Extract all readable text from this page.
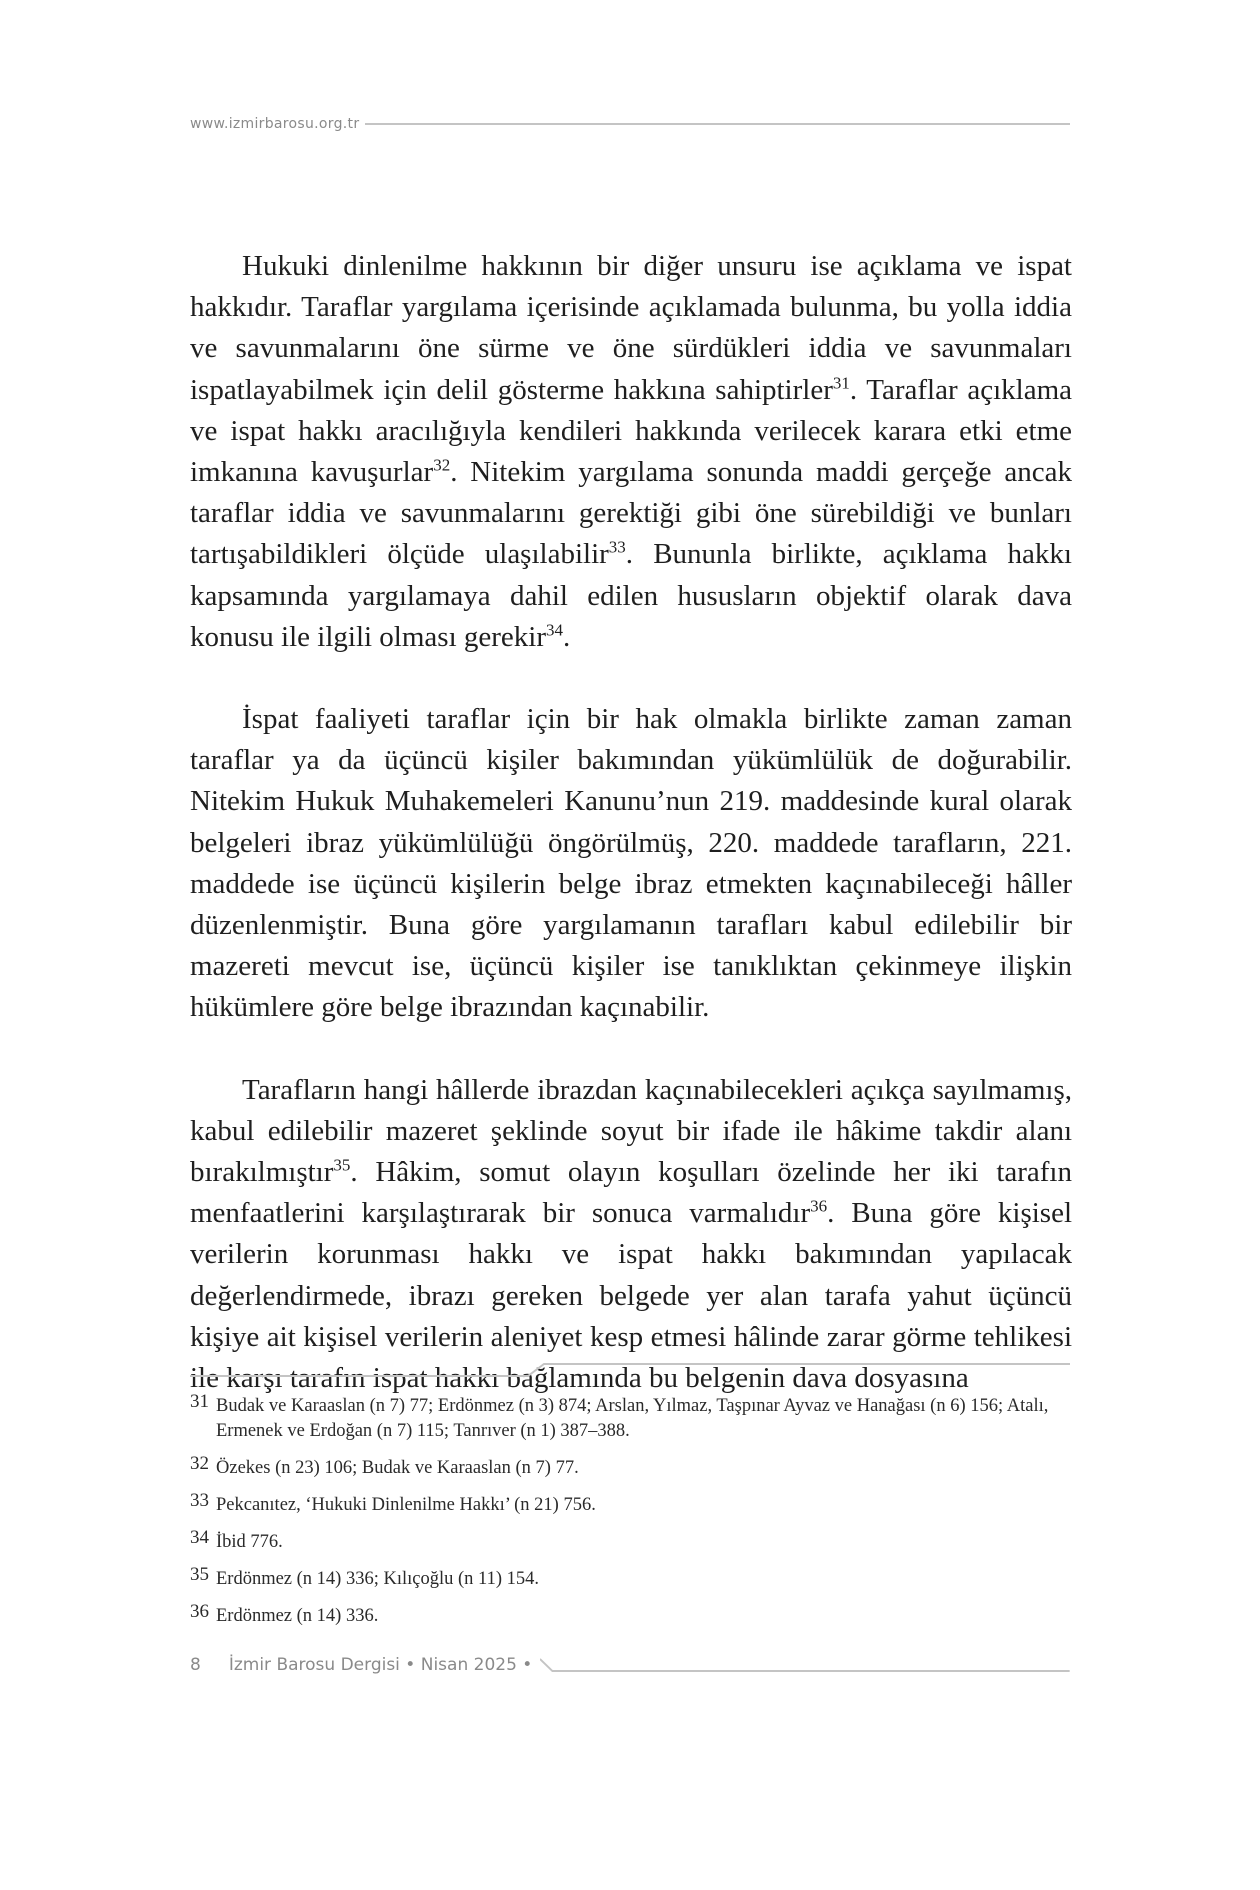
www.izmirbarosu.org.tr

Hukuki dinlenilme hakkının bir diğer unsuru ise açıklama ve ispat hakkıdır. Taraflar yargılama içerisinde açıklamada bulunma, bu yolla iddia ve savunmalarını öne sürme ve öne sürdükleri iddia ve savunmaları ispatlayabilmek için delil gösterme hakkına sahiptirler$^{31}$. Taraflar açıklama ve ispat hakkı aracılığıyla kendileri hakkında verilecek karara etki etme imkanına kavuşurlar$^{32}$. Nitekim yargılama sonunda maddi gerçeğe ancak taraflar iddia ve savunmalarını gerektiği gibi öne sürebildiği ve bunları tartışabildikleri ölçüde ulaşılabilir$^{33}$. Bununla birlikte, açıklama hakkı kapsamında yargılamaya dahil edilen hususların objektif olarak dava konusu ile ilgili olması gerekir$^{34}$.

İspat faaliyeti taraflar için bir hak olmakla birlikte zaman zaman taraflar ya da üçüncü kişiler bakımından yükümlülük de doğurabilir. Nitekim Hukuk Muhakemeleri Kanunu’nun 219. maddesinde kural olarak belgeleri ibraz yükümlülüğü öngörülmüş, 220. maddede tarafların, 221. maddede ise üçüncü kişilerin belge ibraz etmekten kaçınabileceği hâller düzenlenmiştir. Buna göre yargılamanın tarafları kabul edilebilir bir mazereti mevcut ise, üçüncü kişiler ise tanıklıktan çekinmeye ilişkin hükümlere göre belge ibrazından kaçınabilir.

Tarafların hangi hâllerde ibrazdan kaçınabilecekleri açıkça sayılmamış, kabul edilebilir mazeret şeklinde soyut bir ifade ile hâkime takdir alanı bırakılmıştır$^{35}$. Hâkim, somut olayın koşulları özelinde her iki tarafın menfaatlerini karşılaştırarak bir sonuca varmalıdır$^{36}$. Buna göre kişisel verilerin korunması hakkı ve ispat hakkı bakımından yapılacak değerlendirmede, ibrazı gereken belgede yer alan tarafa yahut üçüncü kişiye ait kişisel verilerin aleniyet kesp etmesi hâlinde zarar görme tehlikesi ile karşı tarafın ispat hakkı bağlamında bu belgenin dava dosyasına

31 Budak ve Karaaslan (n 7) 77; Erdönmez (n 3) 874; Arslan, Yılmaz, Taşpınar Ayvaz ve Hanağası (n 6) 156; Atalı, Ermenek ve Erdoğan (n 7) 115; Tanrıver (n 1) 387–388.
32 Özekes (n 23) 106; Budak ve Karaaslan (n 7) 77.
33 Pekcanıtez, ‘Hukuki Dinlenilme Hakkı’ (n 21) 756.
34 İbid 776.
35 Erdönmez (n 14) 336; Kılıçoğlu (n 11) 154.
36 Erdönmez (n 14) 336.
8 İzmir Barosu Dergisi • Nisan 2025 •
